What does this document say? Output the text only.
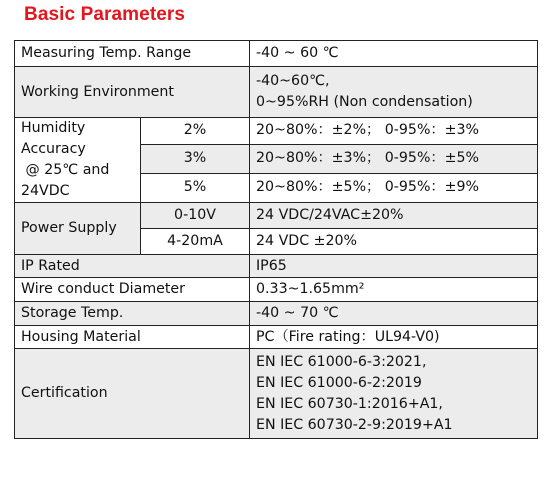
Basic Parameters
Measuring Temp. Range		-40 ~ 60 ℃
Working Environment		-40~60℃,
0~95%RH (Non condensation)

Humidity
Accuracy
@ 25℃ and
24VDC	2%	20~80%：±2%； 0-95%：±3%
	3%	20~80%：±3%； 0-95%：±5%
	5%	20~80%：±5%； 0-95%：±9%
Power Supply	0-10V	24 VDC/24VAC±20%
	4-20mA	24 VDC ±20%
IP Rated		IP65
Wire conduct Diameter		0.33~1.65mm²
Storage Temp.		-40 ~ 70 ℃
Housing Material		PC（Fire rating：UL94-V0)
Certification		EN IEC 61000-6-3:2021,
EN IEC 61000-6-2:2019
EN IEC 60730-1:2016+A1,
EN IEC 60730-2-9:2019+A1
